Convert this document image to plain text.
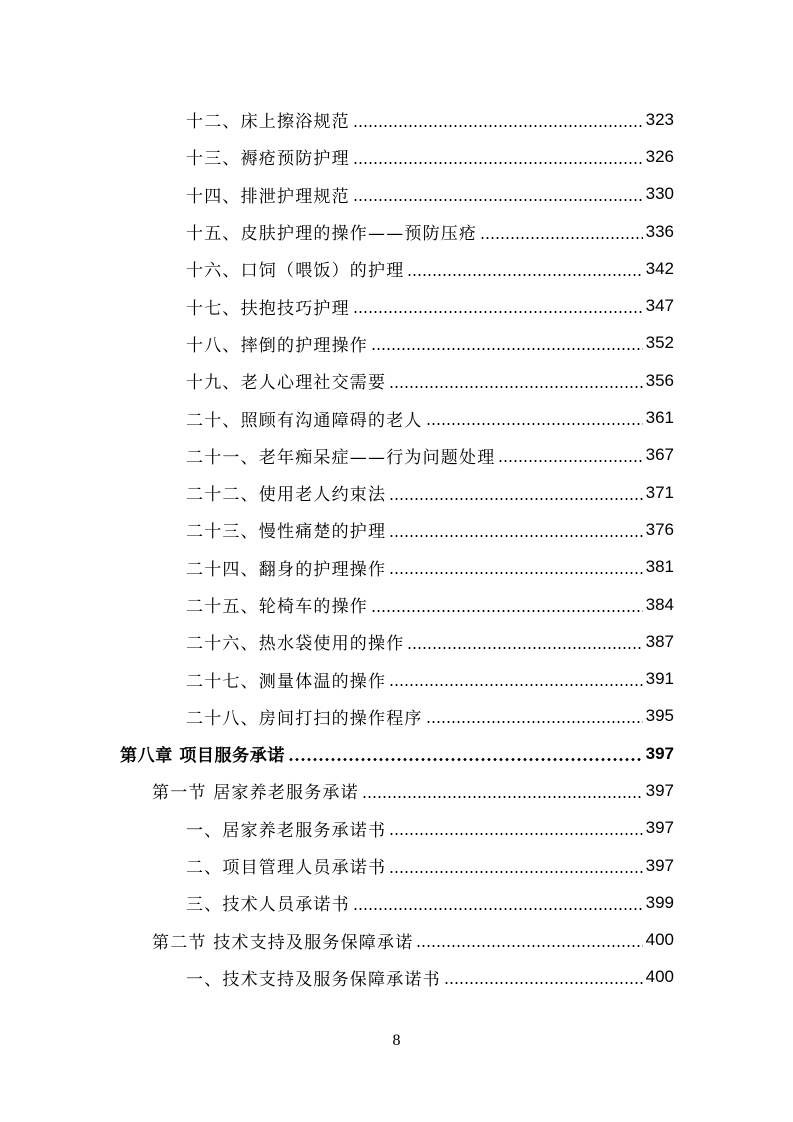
十二、床上擦浴规范	323
十三、褥疮预防护理	326
十四、排泄护理规范	330
十五、皮肤护理的操作——预防压疮	336
十六、口饲（喂饭）的护理	342
十七、扶抱技巧护理	347
十八、摔倒的护理操作	352
十九、老人心理社交需要	356
二十、照顾有沟通障碍的老人	361
二十一、老年痴呆症——行为问题处理	367
二十二、使用老人约束法	371
二十三、慢性痛楚的护理	376
二十四、翻身的护理操作	381
二十五、轮椅车的操作	384
二十六、热水袋使用的操作	387
二十七、测量体温的操作	391
二十八、房间打扫的操作程序	395
第八章 项目服务承诺	397
第一节 居家养老服务承诺	397
一、居家养老服务承诺书	397
二、项目管理人员承诺书	397
三、技术人员承诺书	399
第二节 技术支持及服务保障承诺	400
一、技术支持及服务保障承诺书	400
8
